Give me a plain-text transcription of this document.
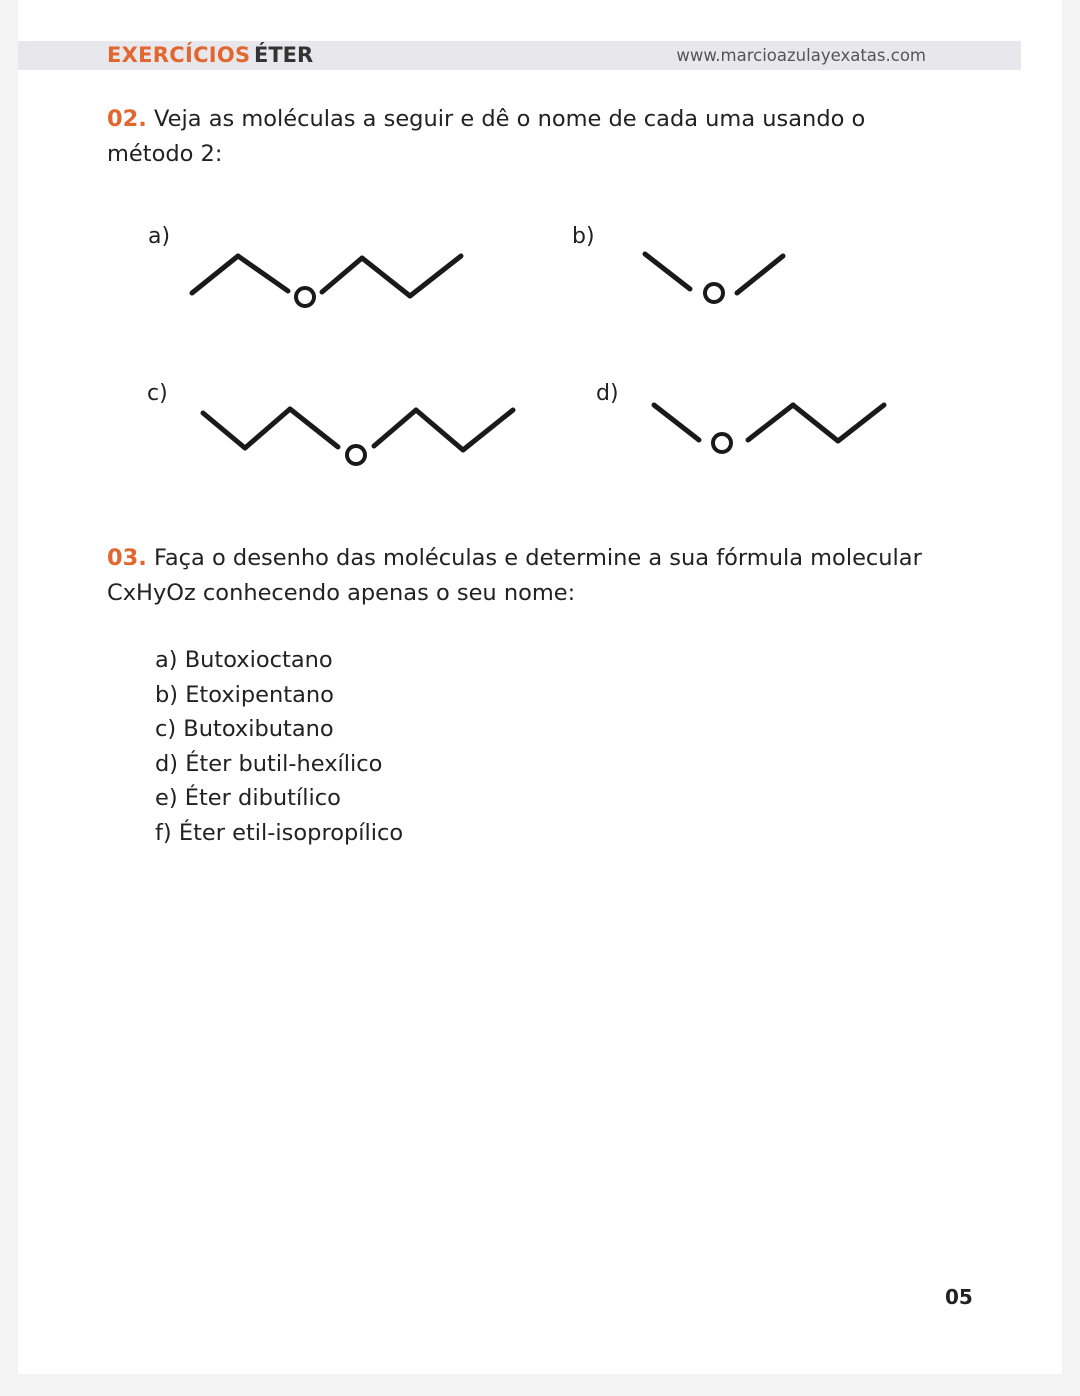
EXERCÍCIOS ÉTER	www.marcioazulayexatas.com
02. Veja as moléculas a seguir e dê o nome de cada uma usando o método 2:
a)
O
b)
O
c)
O
d)
O
03. Faça o desenho das moléculas e determine a sua fórmula molecular CxHyOz conhecendo apenas o seu nome:
a) Butoxioctano
b) Etoxipentano
c) Butoxibutano
d) Éter butil-hexílico
e) Éter dibutílico
f) Éter etil-isopropílico
05
